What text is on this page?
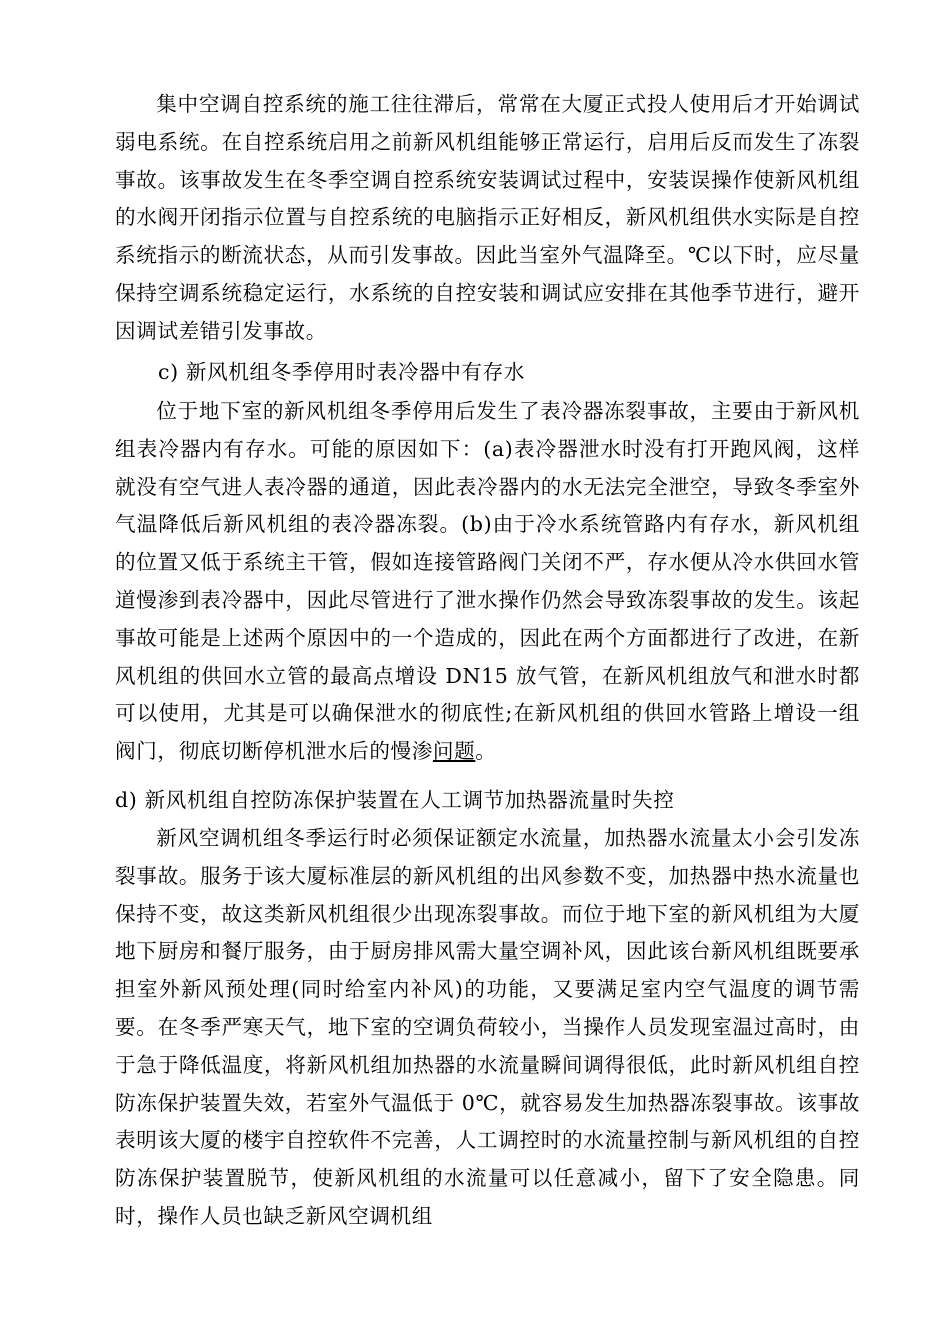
集中空调自控系统的施工往往滞后，常常在大厦正式投人使用后才开始调试弱电系统。在自控系统启用之前新风机组能够正常运行，启用后反而发生了冻裂事故。该事故发生在冬季空调自控系统安装调试过程中，安装误操作使新风机组的水阀开闭指示位置与自控系统的电脑指示正好相反，新风机组供水实际是自控系统指示的断流状态，从而引发事故。因此当室外气温降至。℃以下时，应尽量保持空调系统稳定运行，水系统的自控安装和调试应安排在其他季节进行，避开因调试差错引发事故。

c) 新风机组冬季停用时表冷器中有存水

位于地下室的新风机组冬季停用后发生了表冷器冻裂事故，主要由于新风机组表冷器内有存水。可能的原因如下：(a)表冷器泄水时没有打开跑风阀，这样就没有空气进人表冷器的通道，因此表冷器内的水无法完全泄空，导致冬季室外气温降低后新风机组的表冷器冻裂。(b)由于冷水系统管路内有存水，新风机组的位置又低于系统主干管，假如连接管路阀门关闭不严，存水便从冷水供回水管道慢渗到表冷器中，因此尽管进行了泄水操作仍然会导致冻裂事故的发生。该起事故可能是上述两个原因中的一个造成的，因此在两个方面都进行了改进，在新风机组的供回水立管的最高点增设 DN15 放气管，在新风机组放气和泄水时都可以使用，尤其是可以确保泄水的彻底性;在新风机组的供回水管路上增设一组阀门，彻底切断停机泄水后的慢渗问题。

d) 新风机组自控防冻保护装置在人工调节加热器流量时失控

新风空调机组冬季运行时必须保证额定水流量，加热器水流量太小会引发冻裂事故。服务于该大厦标准层的新风机组的出风参数不变，加热器中热水流量也保持不变，故这类新风机组很少出现冻裂事故。而位于地下室的新风机组为大厦地下厨房和餐厅服务，由于厨房排风需大量空调补风，因此该台新风机组既要承担室外新风预处理(同时给室内补风)的功能，又要满足室内空气温度的调节需要。在冬季严寒天气，地下室的空调负荷较小，当操作人员发现室温过高时，由于急于降低温度，将新风机组加热器的水流量瞬间调得很低，此时新风机组自控防冻保护装置失效，若室外气温低于 0℃，就容易发生加热器冻裂事故。该事故表明该大厦的楼宇自控软件不完善，人工调控时的水流量控制与新风机组的自控防冻保护装置脱节，使新风机组的水流量可以任意减小，留下了安全隐患。同时，操作人员也缺乏新风空调机组
